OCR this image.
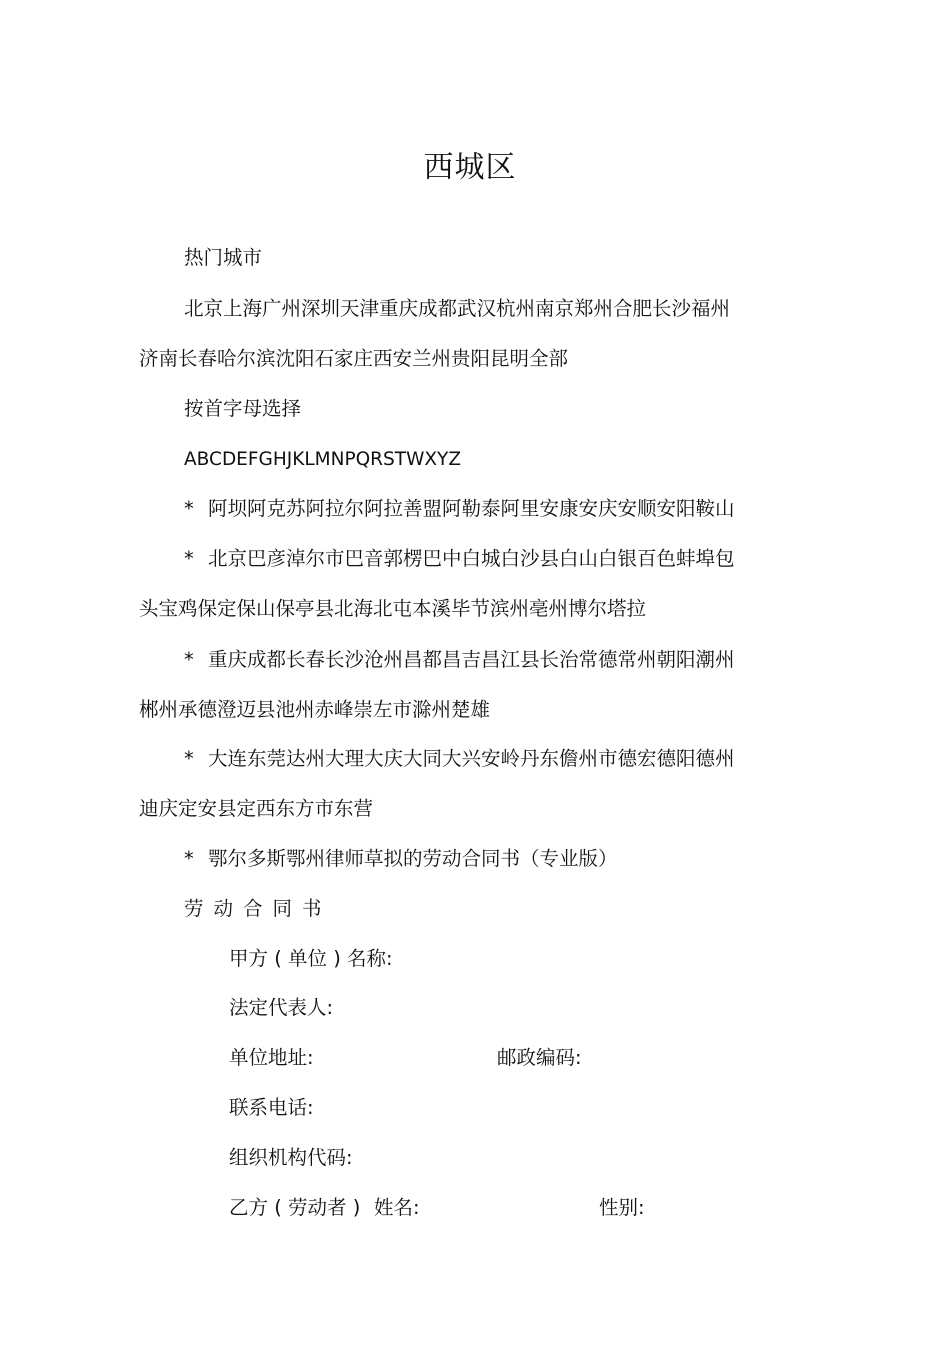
西城区
热门城市
北京上海广州深圳天津重庆成都武汉杭州南京郑州合肥长沙福州
济南长春哈尔滨沈阳石家庄西安兰州贵阳昆明全部
按首字母选择
ABCDEFGHJKLMNPQRSTWXYZ
* 阿坝阿克苏阿拉尔阿拉善盟阿勒泰阿里安康安庆安顺安阳鞍山
* 北京巴彦淖尔市巴音郭楞巴中白城白沙县白山白银百色蚌埠包
头宝鸡保定保山保亭县北海北屯本溪毕节滨州亳州博尔塔拉
* 重庆成都长春长沙沧州昌都昌吉昌江县长治常德常州朝阳潮州
郴州承德澄迈县池州赤峰崇左市滁州楚雄
* 大连东莞达州大理大庆大同大兴安岭丹东儋州市德宏德阳德州
迪庆定安县定西东方市东营
* 鄂尔多斯鄂州律师草拟的劳动合同书（专业版）
劳动合同书
甲方 ( 单位 ) 名称:
法定代表人:
单位地址:	邮政编码:
联系电话:
组织机构代码:
乙方 ( 劳动者 ) 姓名:	性别:
